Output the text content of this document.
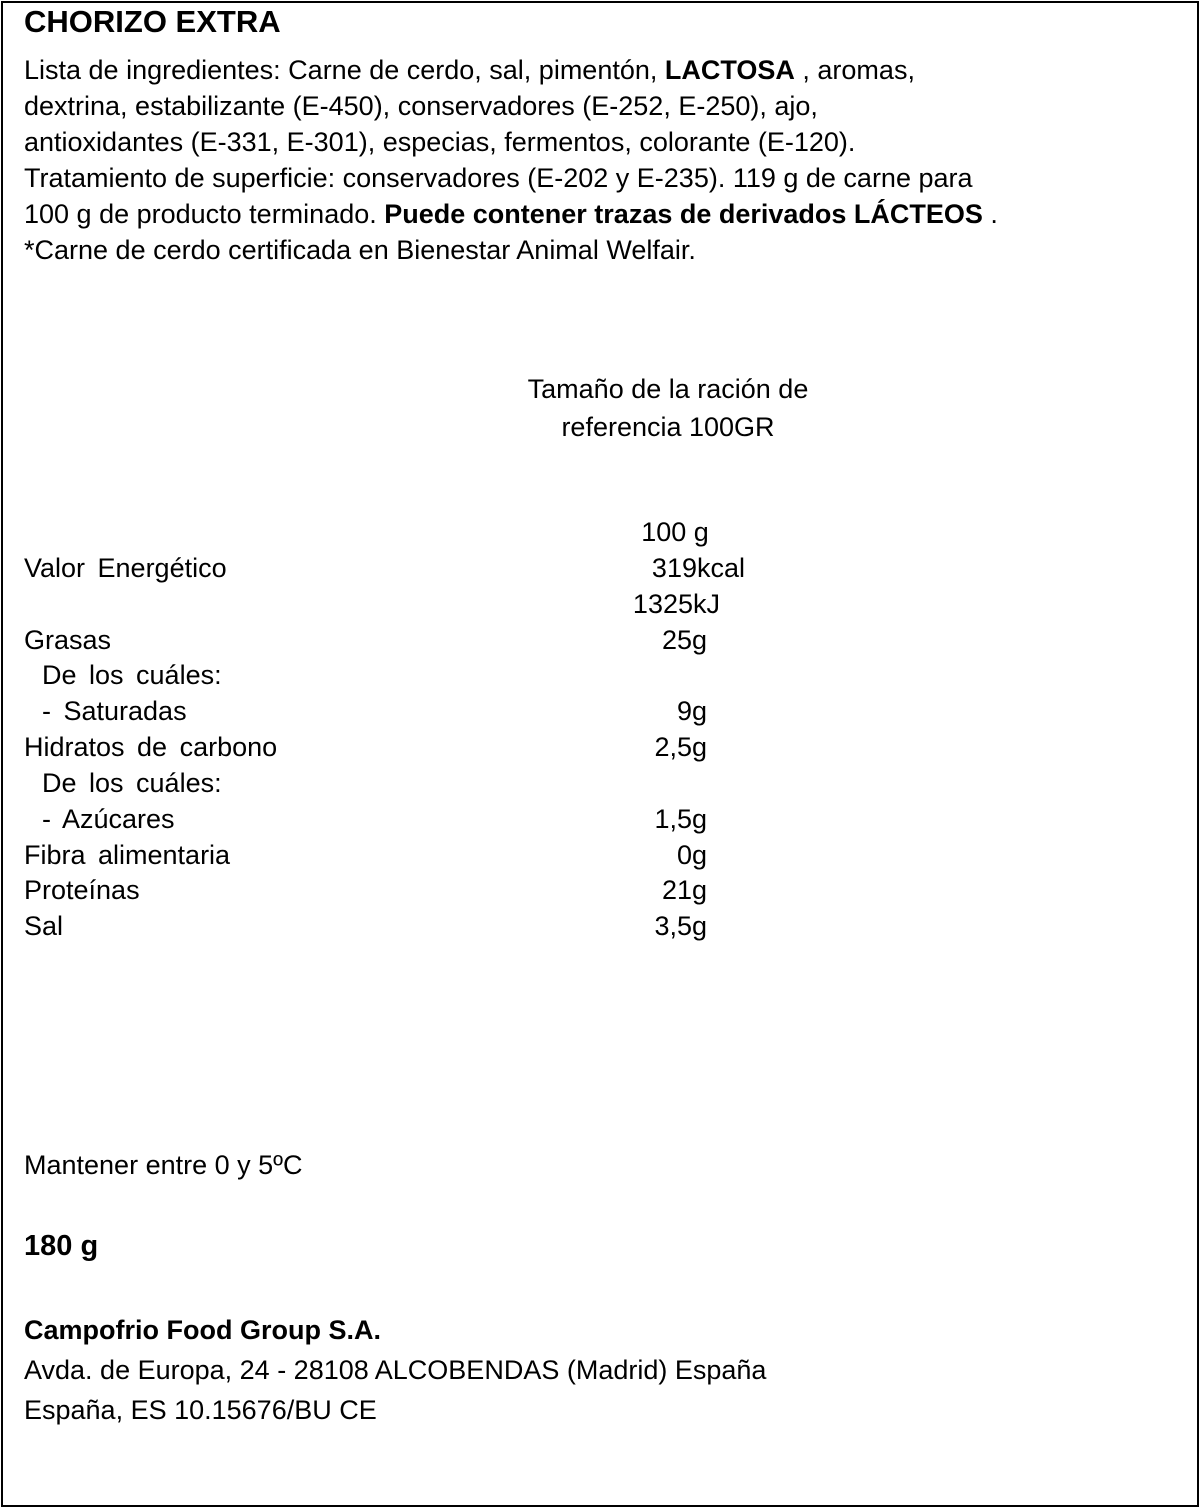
CHORIZO EXTRA
Lista de ingredientes: Carne de cerdo, sal, pimentón, LACTOSA , aromas,
dextrina, estabilizante (E-450), conservadores (E-252, E-250), ajo,
antioxidantes (E-331, E-301), especias, fermentos, colorante (E-120).
Tratamiento de superficie: conservadores (E-202 y E-235). 119 g de carne para
100 g de producto terminado. Puede contener trazas de derivados LÁCTEOS .
*Carne de cerdo certificada en Bienestar Animal Welfair.
Tamaño de la ración de
referencia 100GR
100 g
Valor Energético	319kcal
1325kJ
Grasas	25g
De los cuáles:
- Saturadas	9g
Hidratos de carbono	2,5g
De los cuáles:
- Azúcares	1,5g
Fibra alimentaria	0g
Proteínas	21g
Sal	3,5g
Mantener entre 0 y 5ºC
180 g
Campofrio Food Group S.A.
Avda. de Europa, 24 - 28108 ALCOBENDAS (Madrid) España
España, ES 10.15676/BU CE
